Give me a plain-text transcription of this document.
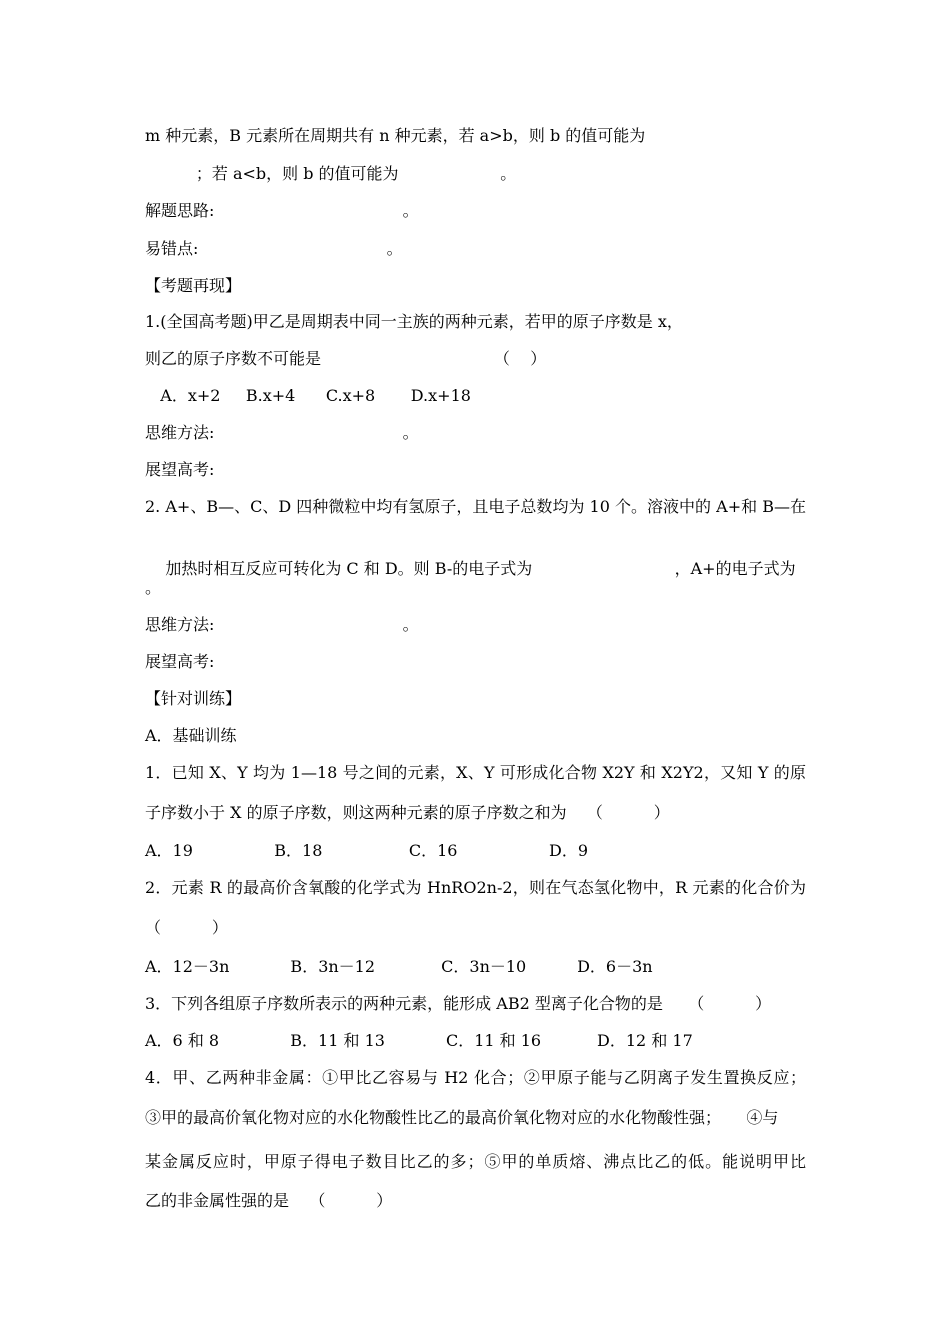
m 种元素，B 元素所在周期共有 n 种元素，若 a>b，则 b 的值可能为
；若 a<b，则 b 的值可能为                    。
解题思路:                                     。
易错点:                                     。
【考题再现】
1.(全国高考题)甲乙是周期表中同一主族的两种元素，若甲的原子序数是 x，
则乙的原子序数不可能是                                  （    ）
A．x+2     B.x+4      C.x+8       D.x+18
思维方法:                                     。
展望高考:
2. A+、B—、C、D 四种微粒中均有氢原子，且电子总数均为 10 个。溶液中的 A+和 B—在

加热时相互反应可转化为 C 和 D。则 B-的电子式为                            ，A+的电子式为

。
思维方法:                                     。
展望高考:
【针对训练】
A．基础训练
1．已知 X、Y 均为 1—18 号之间的元素，X、Y 可形成化合物 X2Y 和 X2Y2，又知 Y 的原
子序数小于 X 的原子序数，则这两种元素的原子序数之和为    （          ）
A．19                B．18                 C．16                  D．9
2．元素 R 的最高价含氧酸的化学式为 HnRO2n-2，则在气态氢化物中，R 元素的化合价为
（          ）
A．12－3n            B．3n－12             C．3n－10          D．6－3n
3．下列各组原子序数所表示的两种元素，能形成 AB2 型离子化合物的是     （          ）
A．6 和 8              B．11 和 13            C．11 和 16           D．12 和 17
4．甲、乙两种非金属：①甲比乙容易与 H2 化合；②甲原子能与乙阴离子发生置换反应；
③甲的最高价氧化物对应的水化物酸性比乙的最高价氧化物对应的水化物酸性强；     ④与
某金属反应时，甲原子得电子数目比乙的多；⑤甲的单质熔、沸点比乙的低。能说明甲比
乙的非金属性强的是    （          ）
